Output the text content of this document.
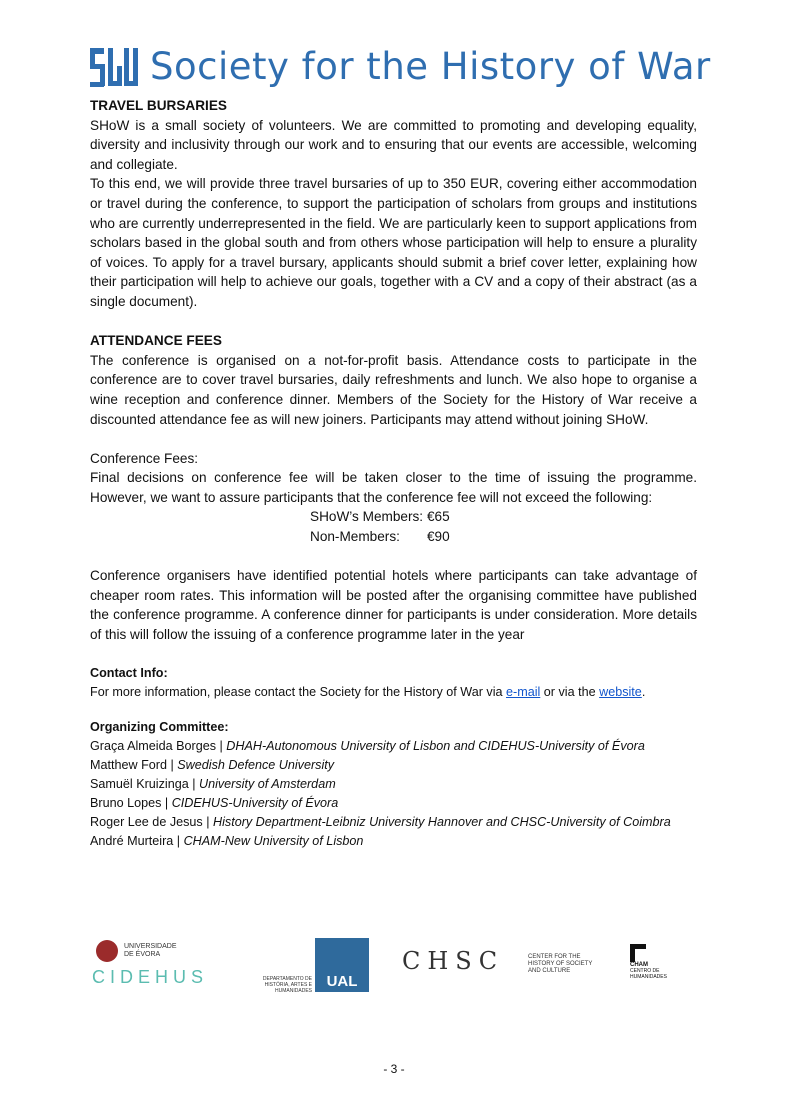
Society for the History of War
TRAVEL BURSARIES

SHoW is a small society of volunteers. We are committed to promoting and developing equality, diversity and inclusivity through our work and to ensuring that our events are accessible, welcoming and collegiate.

To this end, we will provide three travel bursaries of up to 350 EUR, covering either accommodation or travel during the conference, to support the participation of scholars from groups and institutions who are currently underrepresented in the field. We are particularly keen to support applications from scholars based in the global south and from others whose participation will help to ensure a plurality of voices. To apply for a travel bursary, applicants should submit a brief cover letter, explaining how their participation will help to achieve our goals, together with a CV and a copy of their abstract (as a single document).

ATTENDANCE FEES

The conference is organised on a not-for-profit basis. Attendance costs to participate in the conference are to cover travel bursaries, daily refreshments and lunch. We also hope to organise a wine reception and conference dinner. Members of the Society for the History of War receive a discounted attendance fee as will new joiners. Participants may attend without joining SHoW.

Conference Fees:

Final decisions on conference fee will be taken closer to the time of issuing the programme. However, we want to assure participants that the conference fee will not exceed the following:

SHoW’s Members: €65
Non-Members:	€90

Conference organisers have identified potential hotels where participants can take advantage of cheaper room rates. This information will be posted after the organising committee have published the conference programme. A conference dinner for participants is under consideration. More details of this will follow the issuing of a conference programme later in the year

Contact Info:
For more information, please contact the Society for the History of War via e-mail or via the website.
Organizing Committee:
Graça Almeida Borges | DHAH-Autonomous University of Lisbon and CIDEHUS-University of Évora
Matthew Ford | Swedish Defence University
Samuël Kruizinga | University of Amsterdam
Bruno Lopes | CIDEHUS-University of Évora
Roger Lee de Jesus | History Department-Leibniz University Hannover and CHSC-University of Coimbra
André Murteira | CHAM-New University of Lisbon
UNIVERSIDADE DE ÉVORA
CIDEHUS	DEPARTAMENTO DE HISTÓRIA, ARTES E HUMANIDADES
UAL
CHSC	CENTER FOR THE HISTORY OF SOCIETY AND CULTURE
CHAM
CENTRO DE HUMANIDADES
- 3 -
